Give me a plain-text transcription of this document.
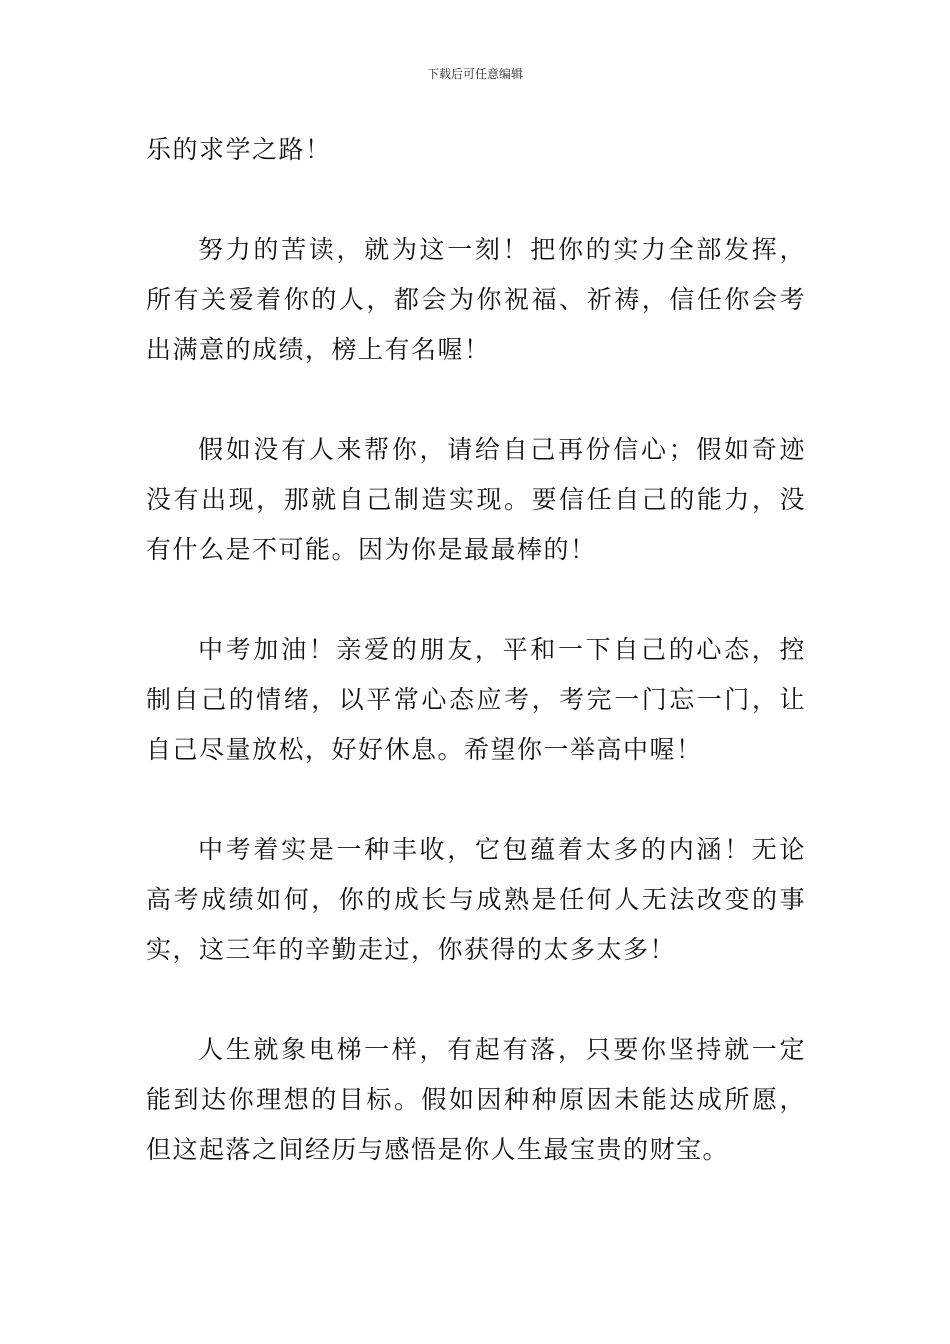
下载后可任意编辑

乐的求学之路！

努力的苦读，就为这一刻！把你的实力全部发挥，所有关爱着你的人，都会为你祝福、祈祷，信任你会考出满意的成绩，榜上有名喔！

假如没有人来帮你，请给自己再份信心；假如奇迹没有出现，那就自己制造实现。要信任自己的能力，没有什么是不可能。因为你是最最棒的！

中考加油！亲爱的朋友，平和一下自己的心态，控制自己的情绪，以平常心态应考，考完一门忘一门，让自己尽量放松，好好休息。希望你一举高中喔！

中考着实是一种丰收，它包蕴着太多的内涵！无论高考成绩如何，你的成长与成熟是任何人无法改变的事实，这三年的辛勤走过，你获得的太多太多！

人生就象电梯一样，有起有落，只要你坚持就一定能到达你理想的目标。假如因种种原因未能达成所愿，但这起落之间经历与感悟是你人生最宝贵的财宝。
